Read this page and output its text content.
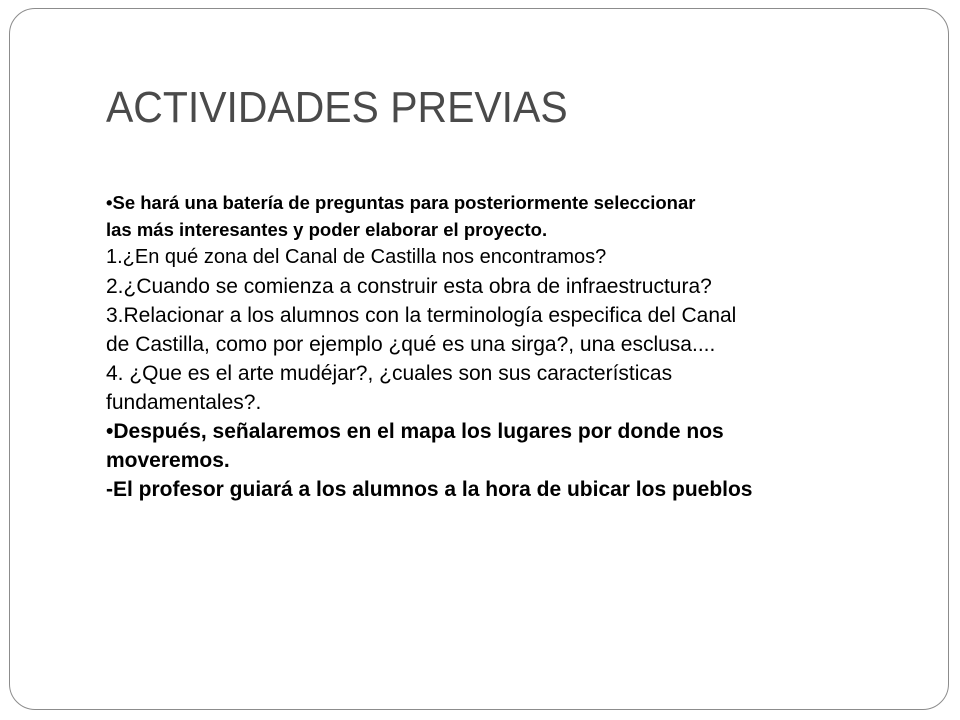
ACTIVIDADES PREVIAS

•Se hará una batería de preguntas para posteriormente seleccionar

las más interesantes y poder elaborar el proyecto.

1.¿En qué zona del Canal de Castilla nos encontramos?

2.¿Cuando se comienza a construir esta obra de infraestructura?

3.Relacionar a los alumnos con la terminología especifica del Canal

de Castilla, como por ejemplo ¿qué es una sirga?, una esclusa....

4. ¿Que es el arte mudéjar?, ¿cuales son sus características

fundamentales?.

•Después, señalaremos en el mapa los lugares por donde nos

moveremos.

-El profesor guiará a los alumnos a la hora de ubicar los pueblos
